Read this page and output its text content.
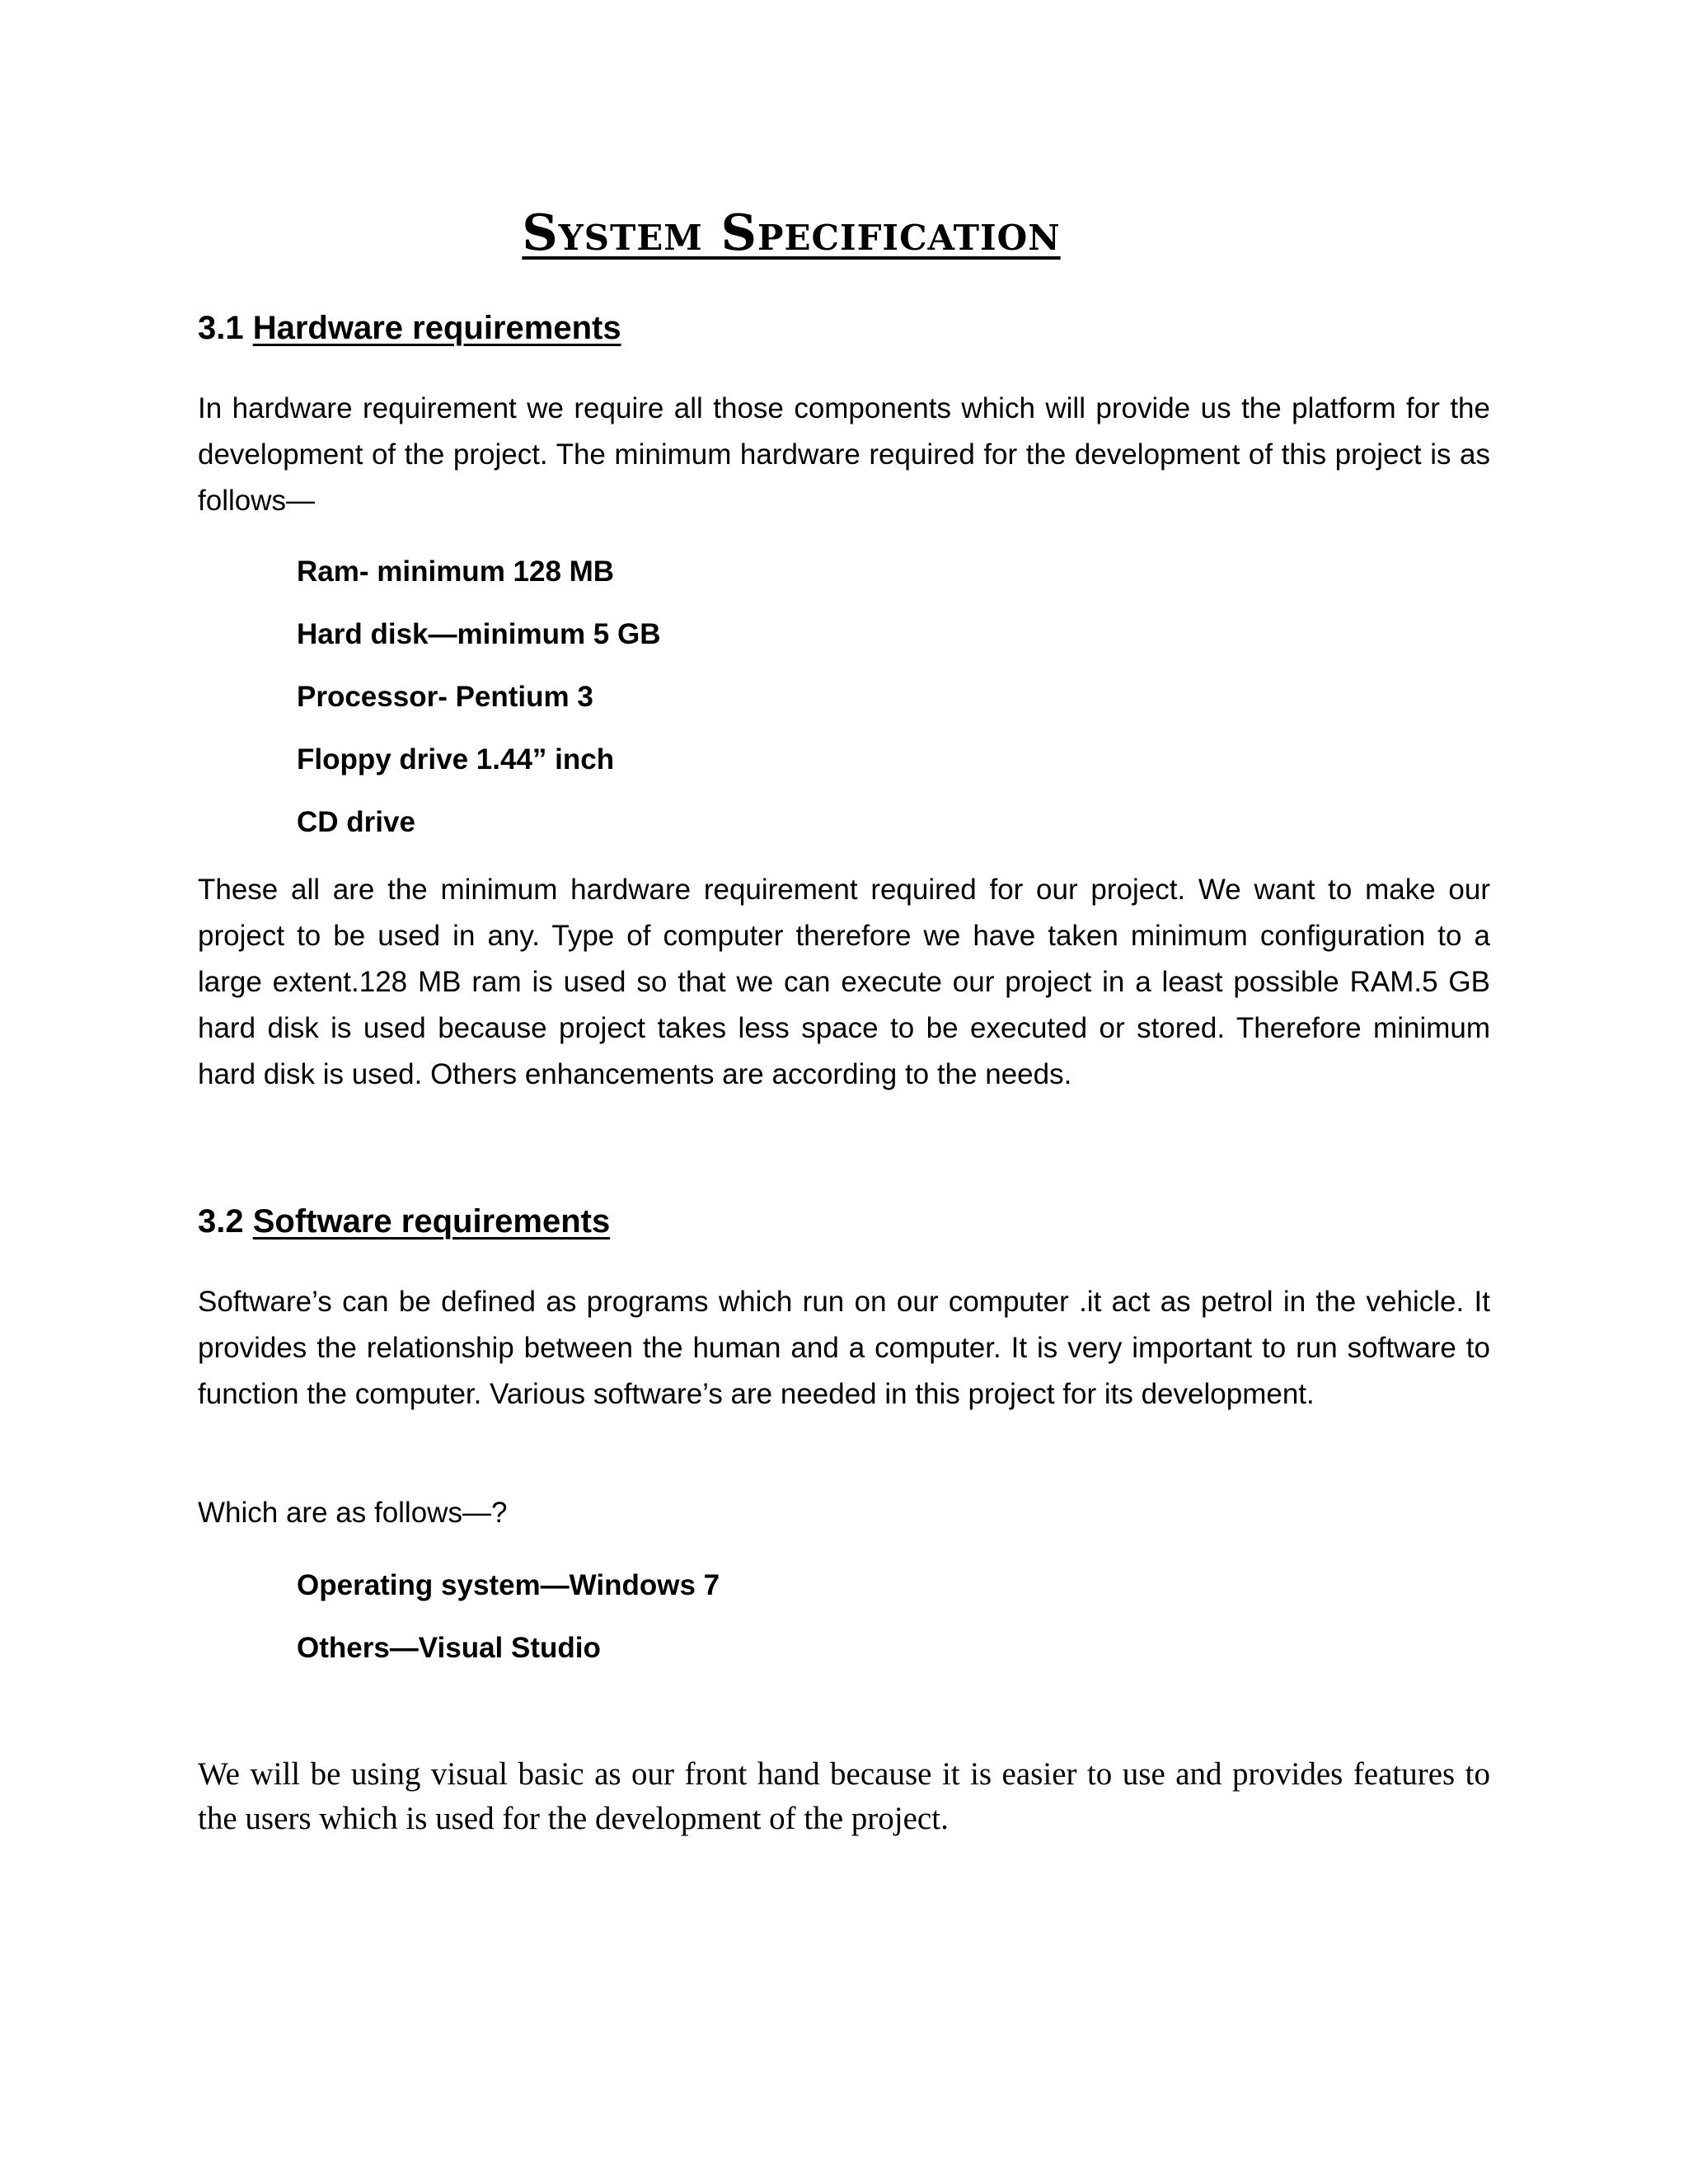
System Specification
3.1 Hardware requirements

In hardware requirement we require all those components which will provide us the platform for the development of the project. The minimum hardware required for the development of this project is as follows—

Ram- minimum 128 MB
Hard disk—minimum 5 GB
Processor- Pentium 3
Floppy drive 1.44” inch
CD drive

These all are the minimum hardware requirement required for our project. We want to make our project to be used in any. Type of computer therefore we have taken minimum configuration to a large extent.128 MB ram is used so that we can execute our project in a least possible RAM.5 GB hard disk is used because project takes less space to be executed or stored. Therefore minimum hard disk is used. Others enhancements are according to the needs.

3.2 Software requirements

Software’s can be defined as programs which run on our computer .it act as petrol in the vehicle. It provides the relationship between the human and a computer. It is very important to run software to function the computer. Various software’s are needed in this project for its development.

Which are as follows—?

Operating system—Windows 7
Others—Visual Studio

We will be using visual basic as our front hand because it is easier to use and provides features to the users which is used for the development of the project.
